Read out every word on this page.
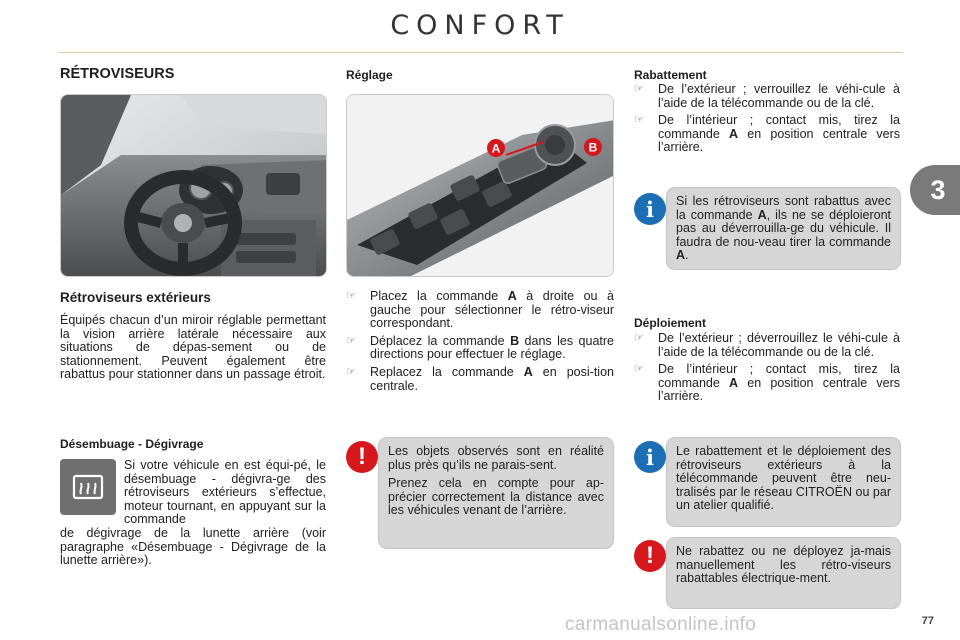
CONFORT
3
RÉTROVISEURS
Rétroviseurs extérieurs
Équipés chacun d’un miroir réglable permettant la vision arrière latérale nécessaire aux situations de dépas-sement ou de stationnement. Peuvent également être rabattus pour stationner dans un passage étroit.
Désembuage - Dégivrage
Si votre véhicule en est équi-pé, le désembuage - dégivra-ge des rétroviseurs extérieurs s’effectue, moteur tournant, en appuyant sur la commande
de dégivrage de la lunette arrière (voir paragraphe «Désembuage - Dégivrage de la lunette arrière»).
Réglage
A	B
☞ Placez la commande A à droite ou à gauche pour sélectionner le rétro-viseur correspondant.
☞ Déplacez la commande B dans les quatre directions pour effectuer le réglage.
☞ Replacez la commande A en posi-tion centrale.
!	Les objets observés sont en réalité plus près qu’ils ne parais-sent.

Prenez cela en compte pour ap-précier correctement la distance avec les véhicules venant de l’arrière.

Rabattement
☞ De l’extérieur ; verrouillez le véhi-cule à l’aide de la télécommande ou de la clé.
☞ De l’intérieur ; contact mis, tirez la commande A en position centrale vers l’arrière.
i	Si les rétroviseurs sont rabattus avec la commande A, ils ne se déploieront pas au déverrouilla-ge du véhicule. Il faudra de nou-veau tirer la commande A.
Déploiement
☞ De l’extérieur ; déverrouillez le véhi-cule à l’aide de la télécommande ou de la clé.
☞ De l’intérieur ; contact mis, tirez la commande A en position centrale vers l’arrière.
i	Le rabattement et le déploiement des rétroviseurs extérieurs à la télécommande peuvent être neu-tralisés par le réseau CITROËN ou par un atelier qualifié.
!	Ne rabattez ou ne déployez ja-mais manuellement les rétro-viseurs rabattables électrique-ment.
carmanualsonline.info	77
